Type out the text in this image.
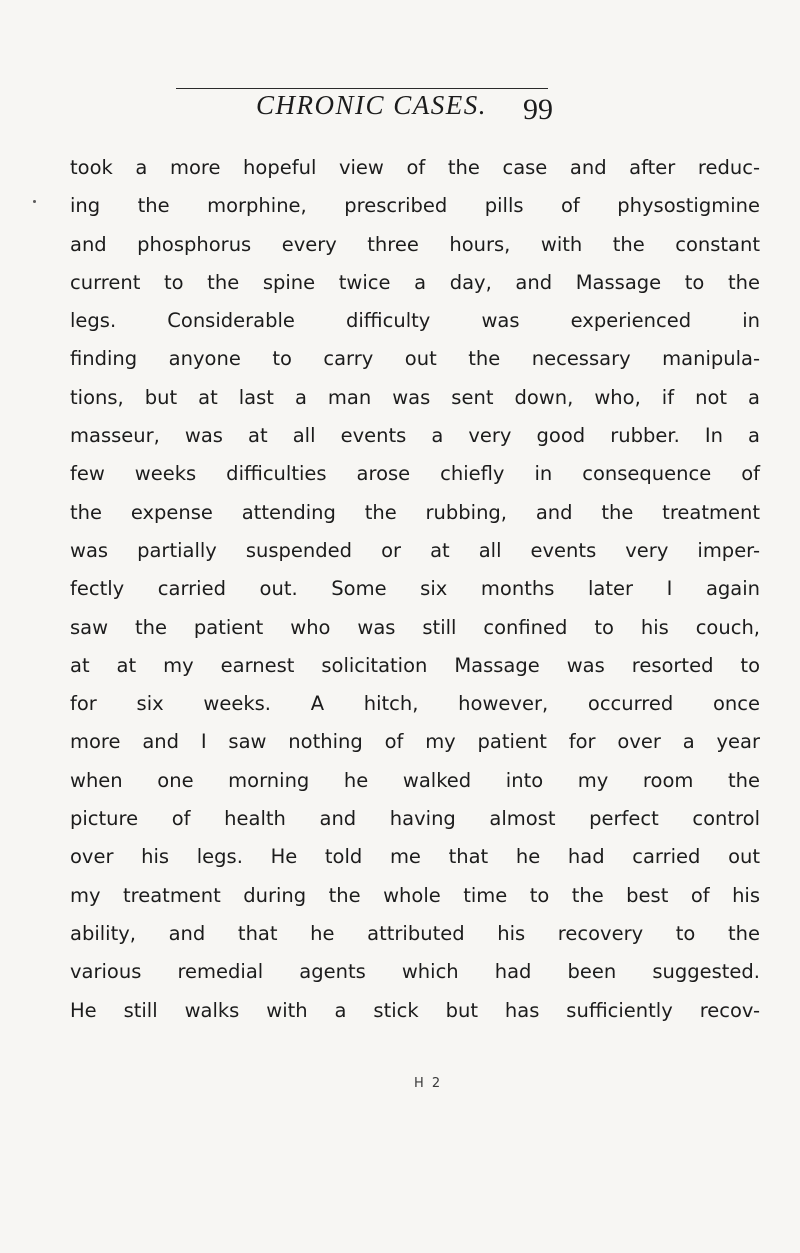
CHRONIC CASES. 99
took a more hopeful view of the case and after reduc-
ing the morphine, prescribed pills of physostigmine
and phosphorus every three hours, with the constant
current to the spine twice a day, and Massage to the
legs. Considerable difficulty was experienced in
finding anyone to carry out the necessary manipula-
tions, but at last a man was sent down, who, if not a
masseur, was at all events a very good rubber. In a
few weeks difficulties arose chiefly in consequence of
the expense attending the rubbing, and the treatment
was partially suspended or at all events very imper-
fectly carried out. Some six months later I again
saw the patient who was still confined to his couch,
at at my earnest solicitation Massage was resorted to
for six weeks. A hitch, however, occurred once
more and I saw nothing of my patient for over a year
when one morning he walked into my room the
picture of health and having almost perfect control
over his legs. He told me that he had carried out
my treatment during the whole time to the best of his
ability, and that he attributed his recovery to the
various remedial agents which had been suggested.
He still walks with a stick but has sufficiently recov-
H 2
